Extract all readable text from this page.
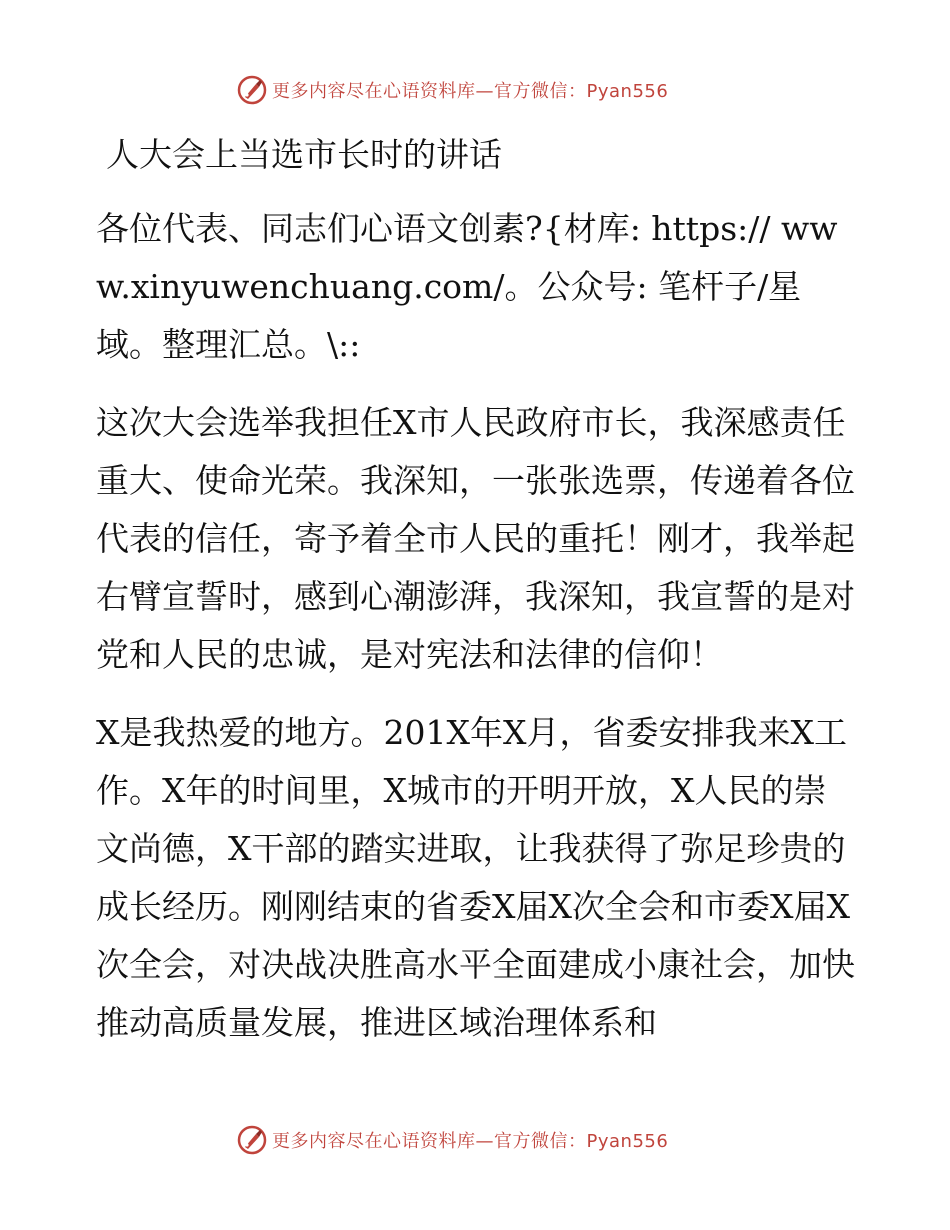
更多内容尽在心语资料库—官方微信：Pyan556
人大会上当选市长时的讲话
各位代表、同志们心语文创素?{材库: https:// www.xinyuwenchuang.com/。公众号: 笔杆子/星域。整理汇总。\::
这次大会选举我担任X市人民政府市长，我深感责任重大、使命光荣。我深知，一张张选票，传递着各位代表的信任，寄予着全市人民的重托！刚才，我举起右臂宣誓时，感到心潮澎湃，我深知，我宣誓的是对党和人民的忠诚，是对宪法和法律的信仰！
X是我热爱的地方。201X年X月，省委安排我来X工作。X年的时间里，X城市的开明开放，X人民的崇文尚德，X干部的踏实进取，让我获得了弥足珍贵的成长经历。刚刚结束的省委X届X次全会和市委X届X次全会，对决战决胜高水平全面建成小康社会，加快推动高质量发展，推进区域治理体系和
更多内容尽在心语资料库—官方微信：Pyan556
